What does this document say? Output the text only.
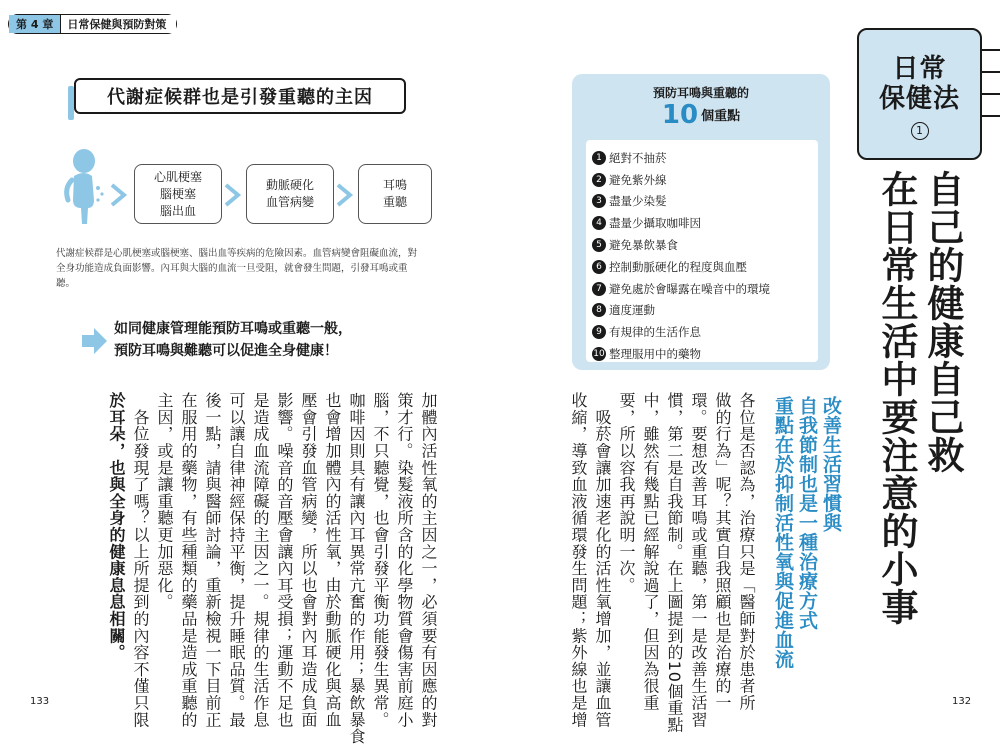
第 4 章	日常保健與預防對策
代謝症候群也是引發重聽的主因
心肌梗塞
腦梗塞
腦出血
動脈硬化
血管病變
耳鳴
重聽

代謝症候群是心肌梗塞或腦梗塞、腦出血等疾病的危險因素。血管病變會阻礙血流，對全身功能造成負面影響。內耳與大腦的血流一旦受阻，就會發生問題，引發耳鳴或重聽。

如同健康管理能預防耳鳴或重聽一般，
預防耳鳴與難聽可以促進全身健康！
加體內活性氧的主因之一，必須要有因應的對
策才行。染髮液所含的化學物質會傷害前庭小
腦，不只聽覺，也會引發平衡功能發生異常。
咖啡因則具有讓內耳異常亢奮的作用；暴飲暴食
也會增加體內的活性氧，由於動脈硬化與高血
壓會引發血管病變，所以也會對內耳造成負面
影響。噪音的音壓會讓內耳受損；運動不足也
是造成血流障礙的主因之一。規律的生活作息
可以讓自律神經保持平衡，提升睡眠品質。最
後一點，請與醫師討論，重新檢視一下目前正
在服用的藥物，有些種類的藥品是造成重聽的
主因，或是讓重聽更加惡化。
　各位發現了嗎？以上所提到的內容不僅只限
於耳朵，也與全身的健康息息相關。
133
預防耳鳴與重聽的
10 個重點
1 絕對不抽菸
2 避免紫外線
3 盡量少染髮
4 盡量少攝取咖啡因
5 避免暴飲暴食
6 控制動脈硬化的程度與血壓
7 避免處於會曝露在噪音中的環境
8 適度運動
9 有規律的生活作息
10 整理服用中的藥物
日常
保健法
1
自己的健康自己救
在日常生活中要注意的小事
改善生活習慣與
自我節制也是一種治療方式
重點在於抑制活性氧與促進血流
各位是否認為，治療只是「醫師對於患者所
做的行為」呢？其實自我照顧也是治療的一
環。要想改善耳鳴或重聽，第一是改善生活習
慣，第二是自我節制。在上圖提到的10個重點
中，雖然有幾點已經解說過了，但因為很重
要，所以容我再說明一次。
　吸菸會讓加速老化的活性氧增加，並讓血管
收縮，導致血液循環發生問題；紫外線也是增	132
